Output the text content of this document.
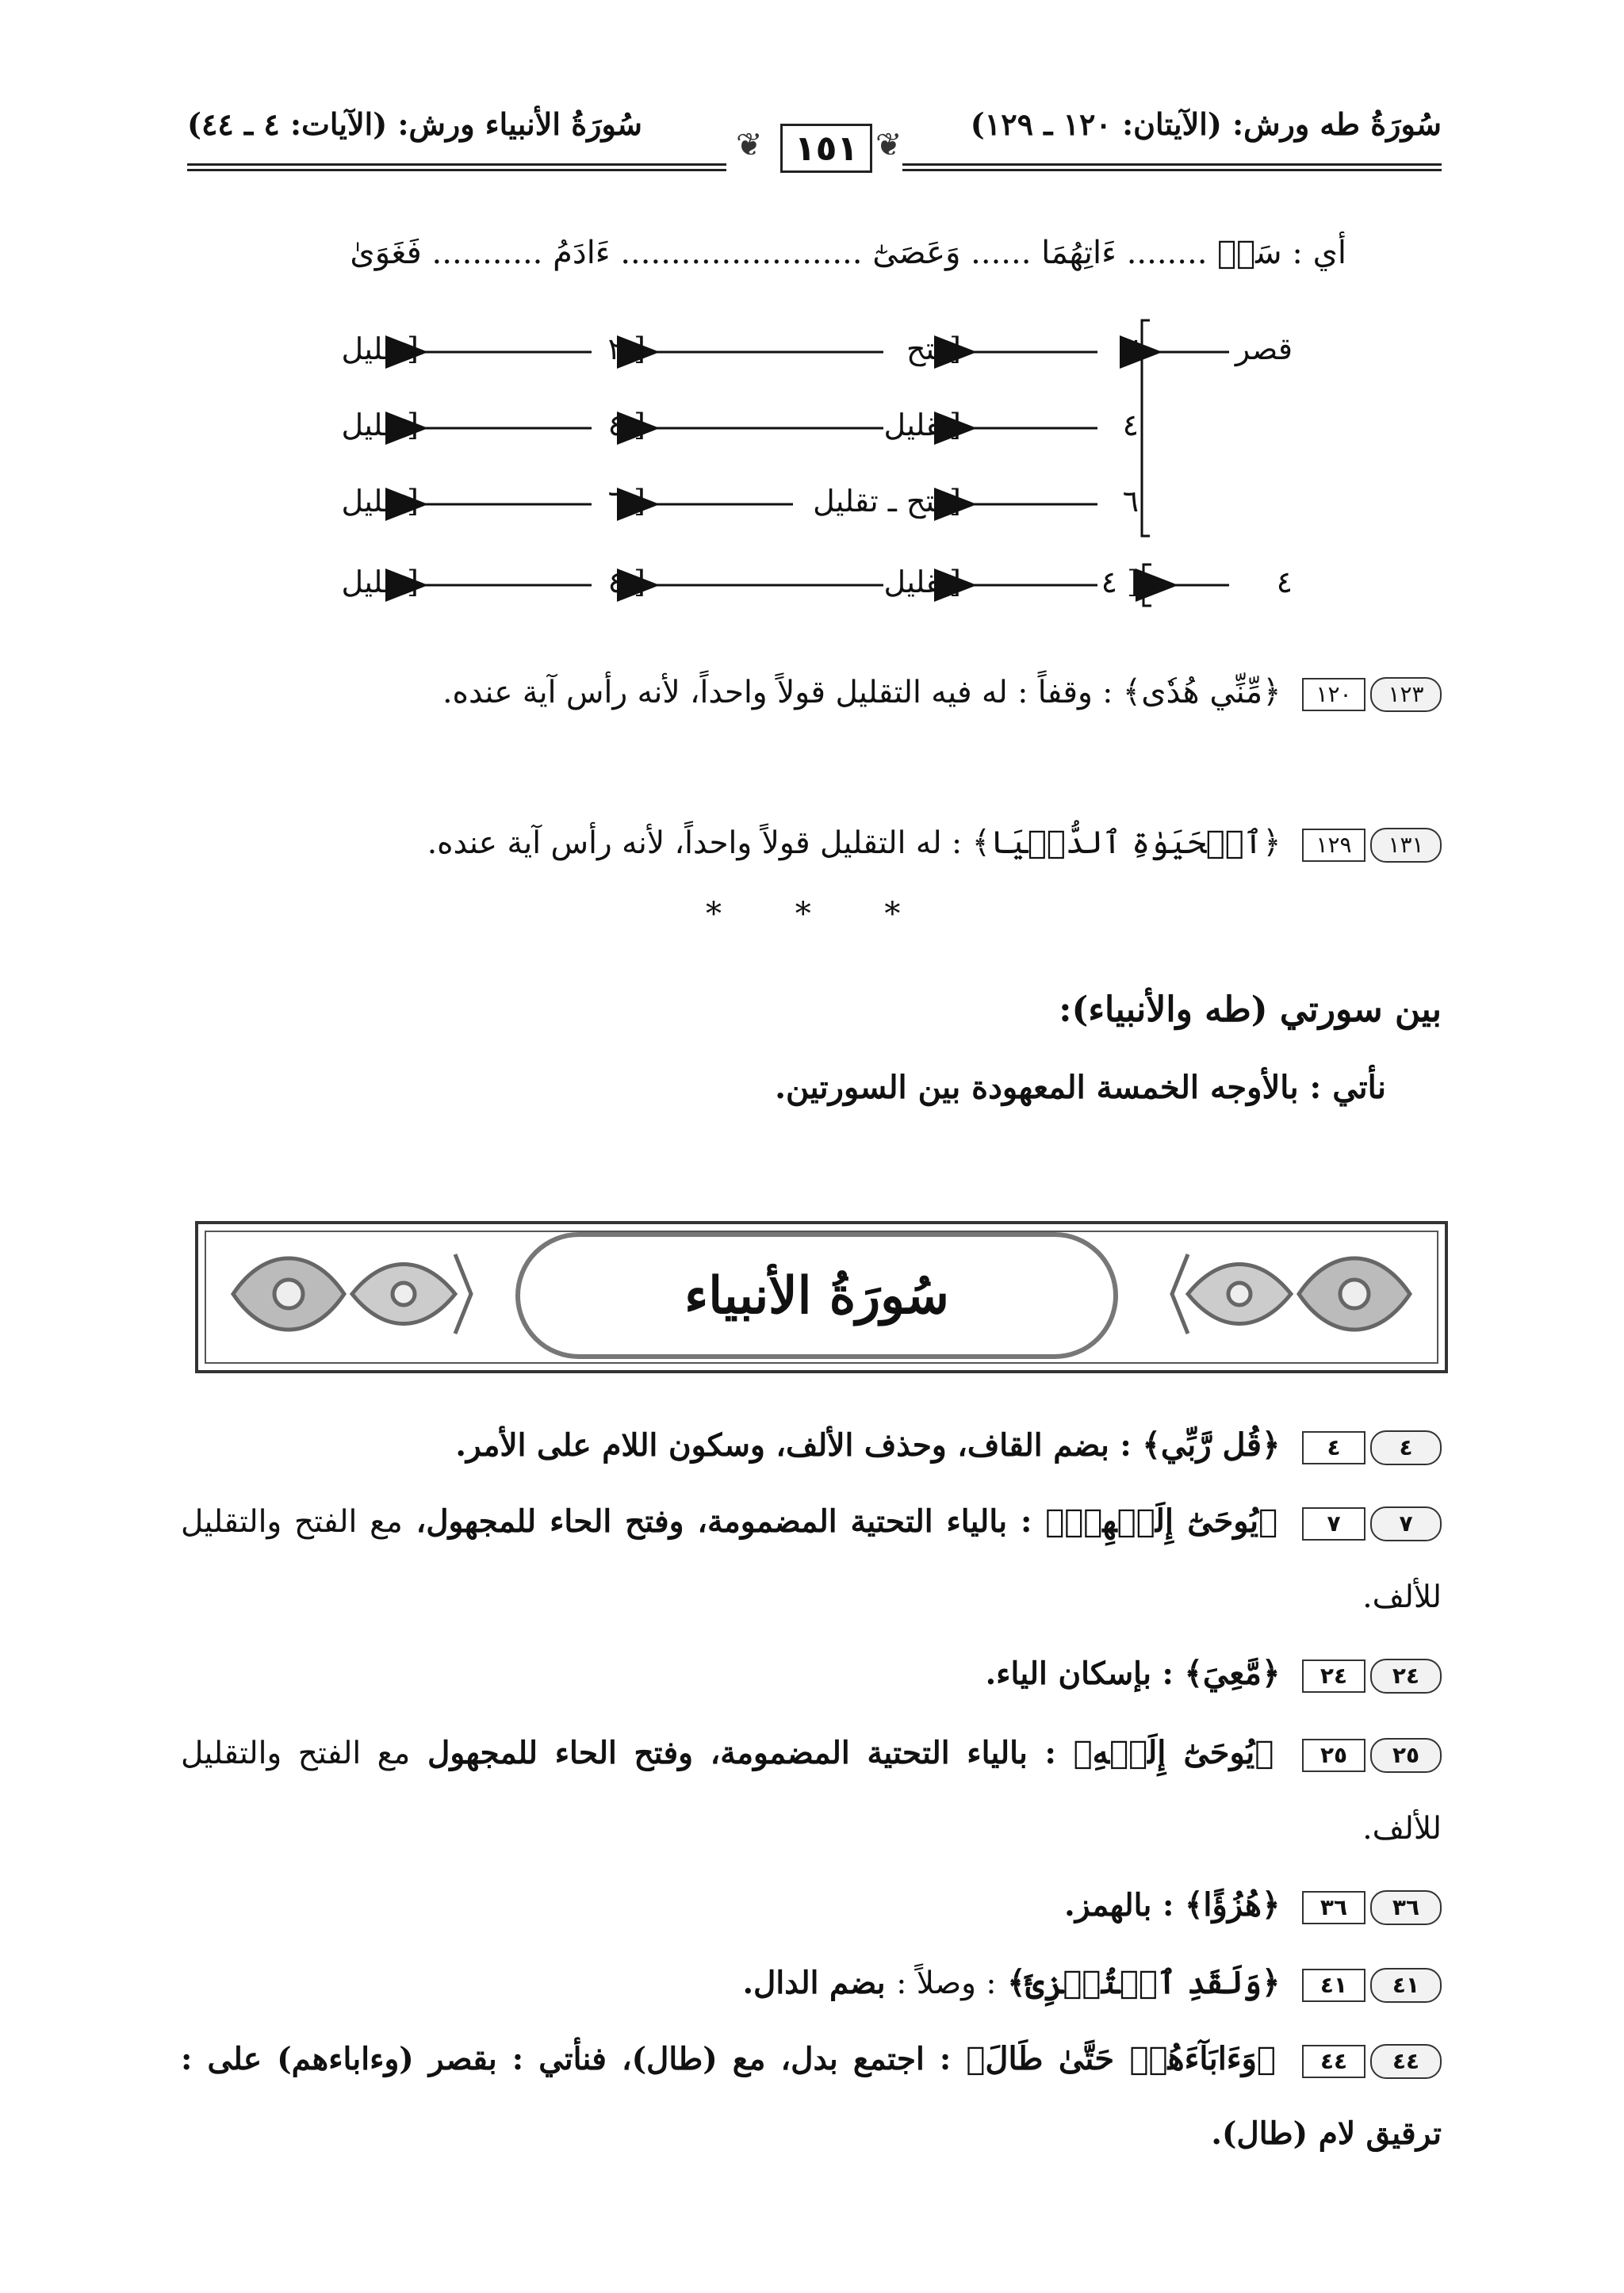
سُورَةُ طه ورش: (الآيتان: ١٢٠ ـ ١٢٩)
سُورَةُ الأنبياء ورش: (الآيات: ٤ ـ ٤٤)
❦	❦
١٥١
أي : سَوۡ ........ ءَاتِهُمَا ...... وَعَصَىٰٓ ........................ ءَادَمُ ........... فَغَوَىٰ
قصر
٢
[فتح
[ ٢
[تقليل
٤
[تقليل
[ ٤
[تقليل
٦
[فتح ـ تقليل
[ ٦
[تقليل
٤
[ ٤
[تقليل
[ ٤
[تقليل
١٢٣
١٢٠
﴿مِّنِّي هُدٗى﴾ : وقفاً : له فيه التقليل قولاً واحداً، لأنه رأس آية عنده.
١٣١
١٢٩
﴿ٱلۡحَيَوٰةِ ٱلدُّنۡيَا﴾ : له التقليل قولاً واحداً، لأنه رأس آية عنده.
* * *
بين سورتي (طه والأنبياء):
نأتي : بالأوجه الخمسة المعهودة بين السورتين.
سُورَةُ الأنبياء
٤
٤
﴿قُل رَّبِّي﴾ : بضم القاف، وحذف الألف، وسكون اللام على الأمر.
٧
٧
﴿يُوحَىٰٓ إِلَيۡهِمۡ﴾ : بالياء التحتية المضمومة، وفتح الحاء للمجهول، مع الفتح والتقليل للألف.
٢٤
٢٤
﴿مَّعِيَ﴾ : بإسكان الياء.
٢٥
٢٥
﴿يُوحَىٰٓ إِلَيۡهِ﴾ : بالياء التحتية المضمومة، وفتح الحاء للمجهول مع الفتح والتقليل للألف.
٣٦
٣٦
﴿هُزُؤًا﴾ : بالهمز.
٤١
٤١
﴿وَلَقَدِ ٱسۡتُهۡزِئَ﴾ : وصلاً : بضم الدال.
٤٤
٤٤
﴿وَءَابَآءَهُمۡ حَتَّىٰ طَالَ﴾ : اجتمع بدل، مع (طال)، فنأتي : بقصر (وءاباءهم) على : ترقيق لام (طال).
